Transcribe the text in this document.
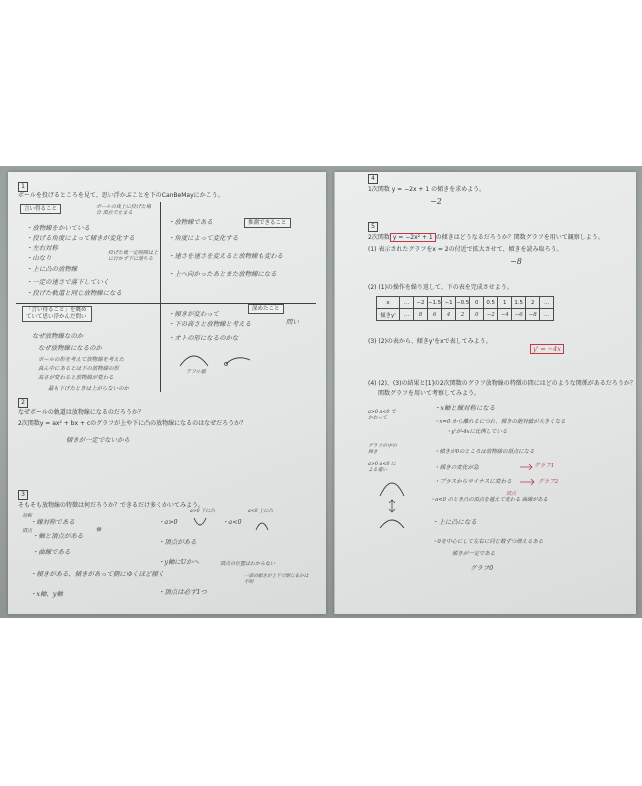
1
ボールを投げるところを見て、思い浮かぶことを下のCanBeMayにかこう。
言い得ること
推測できること
「言い得ること」を眺めていて思い浮かんだ問い
深めたこと
・放物線をかいている
・投げる角度によって傾きが変化する
・左右対称
・山なり
・上に凸の放物線
・一定の速さで落下していく
・投げた軌道と同じ放物線になる
ボールの真上に投げた場合 頂点で止まる
投げた後一定時間は上に行かず下に落ちる
・放物線である
・角度によって変化する
・速さを速さを変えると放物線も変わる
・上へ向かったあとまた放物線になる
・傾きが変わって
・下の高さと放物線と考える
・オトの形になるのかな
問い
なぜ放物線なのか
なぜ放物線になるのか
ボールの形を考えて放物線を考えた
真ん中にあるとは下の放物線の形
高さが変わると放物線が変わる
最も下げたときは上がらないのか
アフル値
2
なぜボールの軌道は放物線になるのだろうか？
2次関数y = ax² + bx + cのグラフが上や下に凸の放物線になるのはなぜだろうか？
傾きが一定でないから
3
そもそも放物線の特徴は何だろうか？できるだけ多くかいてみよう。
対称
頂点	軸
・線対称である
・軸と頂点がある
・曲線である
・傾きがある、傾きがあって側にゆくほど傾く
・x軸、y軸
・a>0	・a<0
・頂点がある
・y軸にUかへ
・頂点は必ず1つ
a>0 下に凸	a<0 上に凸
頂点の位置はわからない
一部の傾きが上下で閉じるかは不明
4
1次関数 y = −2x + 1 の傾きを求めよう。
−2
5
2次関数 y = −2x² + 1 の傾きはどうなるだろうか？関数グラフを用いて観察しよう。
(1) 表示されたグラフをx = 2の付近で拡大させて、傾きを読み取ろう。
−8
(2) (1)の操作を繰り返して、下の表を完成させよう。
x	…	−2	−1.5	−1	−0.5	0	0.5	1	1.5	2	…
傾きy'	…	8	6	4	2	0	−2	−4	−6	−8	…
(3) (2)の表から、傾きy'をxで表してみよう。
y' = −4x
(4) (2)、(3)の結果と[1]の2次関数のグラフ放物線の特徴の間にはどのような関係があるだろうか？
関数グラフを用いて考察してみよう。
a>0 a<0 でかわって
グラフの中の傾き
a>0 a<0 による違い
・x軸と線対称になる
・x=0 から離れるにつれ、傾きの絶対値が大きくなる
・y'が-4xに比例している
・傾きが0のところは放物線の頂点になる
・傾きの変化が急
・プラスからマイナスに変わる
・a<0 のとき凸の頂点を越えて変わる 曲線がある
・上に凸になる
・0を中心にして左右に同じ数ずつ増えるある
傾きが一定である
グラフ1
グラフ2
頂点
グラフ0
